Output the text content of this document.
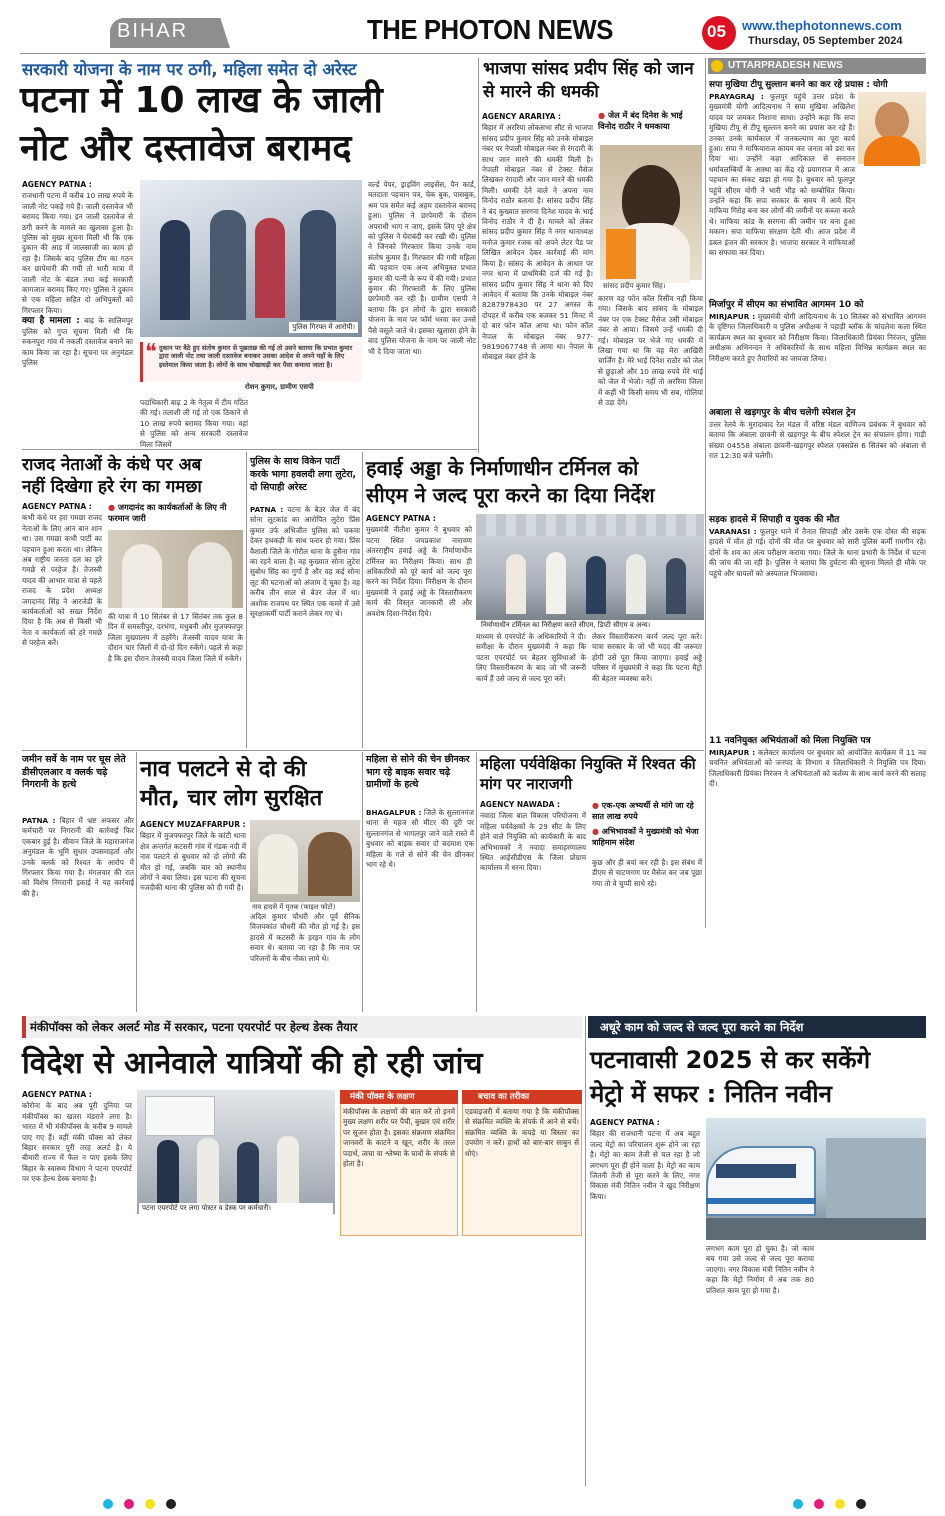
BIHAR	THE PHOTON NEWS	05 www.thephotonnews.com
Thursday, 05 September 2024
सरकारी योजना के नाम पर ठगी, महिला समेत दो अरेस्ट
पटना में 10 लाख के जाली
नोट और दस्तावेज बरामद
AGENCY PATNA :
राजधानी पटना में करीब 10 लाख रुपये के जाली नोट पकड़े गये हैं। जाली दस्तावेज भी बरामद किया गया। इन जाली दस्तावेज से ठगी करने के मामले का खुलासा हुआ है। पुलिस को मुख्य सूचना मिली थी कि एक दुकान की आड़ में जालसाजी का काम हो रहा है। जिसके बाद पुलिस टीम का गठन कर छापेमारी की गयी तो भारी मात्रा में जाली नोट के बंडल तथा कई सरकारी कागजात बरामद किए गए। पुलिस ने दुकान से एक महिला सहित दो अभियुक्तों को गिरफ्तार किया।
क्या है मामला : बाढ़ के सालिमपुर पुलिस को गुप्त सूचना मिली थी कि रुकनपुरा गांव में नकली दस्तावेज बनाने का काम किया जा रहा है। सूचना पर अनुमंडल पुलिस
पुलिस गिरफ्त में आरोपी।
❝ दुकान पर बैठे हुए संतोष कुमार से पूछताछ की गई तो उसने बताया कि प्रभात कुमार द्वारा जाली नोट तथा जाली दस्तावेज बनाकर उसका आदेश से अपने यहाँ के लिए इस्तेमाल किया जाता है। लोगों के साथ धोखाधड़ी कर पैसा कमाया जाता है।
रोशन कुमार, ग्रामीण एसपी
पदाधिकारी बाढ़ 2 के नेतृत्व में टीम गठित की गई। तलाशी ली गई तो एक ठिकाने से 10 लाख रुपये बरामद किया गया। वहां से पुलिस को अन्य सरकारी दस्तावेज मिला जिसमें
वर्ल्ड पेपर, ड्राइविंग लाइसेंस, पैन कार्ड, मतदाता पहचान पत्र, चेक बुक, पासबुक, श्रम पत्र समेत कई अहम दस्तावेज बरामद हुआ। पुलिस ने छापेमारी के दौरान अपराधी भाग न जाए, इसके लिए पूरे क्षेत्र को पुलिस ने घेराबंदी कर रखी थी। पुलिस ने जिनको गिरफ्तार किया उनके नाम संतोष कुमार हैं। गिरफ्तार की गयी महिला की पहचान एक अन्य अभियुक्त प्रभात कुमार की पत्नी के रूप में की गयी। प्रभात कुमार की गिरफ्तारी के लिए पुलिस छापेमारी कर रही है। ग्रामीण एसपी ने बताया कि इन लोगों के द्वारा सरकारी योजना के नाम पर फॉर्म भरवा कर उनसे पैसे वसूले जाते थे। इसका खुलासा होने के बाद पुलिस योजना के नाम पर जाली नोट भी दे दिया जाता था।
भाजपा सांसद प्रदीप सिंह को जान से मारने की धमकी
AGENCY ARARIYA :
बिहार में अररिया लोकसभा सीट से भाजपा सांसद प्रदीप कुमार सिंह को उनके मोबाइल नंबर पर नेपाली मोबाइल नंबर से रंगदारी के साथ जान मारने की धमकी मिली है। नेपाली मोबाइल नंबर से टेक्स्ट मैसेज लिखकर रंगदारी और जान मारने की धमकी मिली। धमकी देने वाले ने अपना नाम विनोद राठौर बताया है। सांसद प्रदीप सिंह ने बंद कुख्यात सरगना दिनेश यादव के भाई विनोद राठौर ने दी है। मामले को लेकर सांसद प्रदीप कुमार सिंह ने नगर थानाध्यक्ष मनोज कुमार रजक को अपने लेटर पैड पर लिखित आवेदन देकर कार्रवाई की मांग किया है। सांसद के आवेदन के आधार पर नगर थाना में प्राथमिकी दर्ज की गई है। सांसद प्रदीप कुमार सिंह ने थाना को दिए आवेदन में बताया कि उनके मोबाइल नंबर 8287978430 पर 27 अगस्त के दोपहर में करीब एक बजकर 51 मिनट में दो बार फोन कॉल आया था। फोन कॉल नेपाल के मोबाइल नंबर 977-9819067748 से आया था। नेपाल के मोबाइल नंबर होने के
● जेल में बंद दिनेश के भाई विनोद राठौर ने धमकाया
सांसद प्रदीप कुमार सिंह।
कारण वह फोन कॉल रिसीव नहीं किया गया। जिसके बाद सांसद के मोबाइल नंबर पर एक टेक्स्ट मैसेज उसी मोबाइल नंबर से आया। जिसमे उन्हें धमकी दी गई। मोबाइल पर भेजे गए धमकी में लिखा गया था कि वह मेरा आखिरी चार्जिंग है। मेरे भाई दिनेश राठौर को जेल से छुड़ाओ और 10 लाख रुपये मेरे भाई को जेल में भेजो। नहीं तो अररिया जिला में कहीं भी किसी समय भी सब, गोलियां से उड़ा देंगे।
UTTARPRADESH NEWS
सपा मुखिया टीपू सुल्तान बनने का कर रहे प्रयास : योगी
PRAYAGRAJ : फूलपुर पहुंचे उत्तर प्रदेश के मुख्यमंत्री योगी आदित्यनाथ ने सपा मुखिया अखिलेश यादव पर जमकर निशाना साधा। उन्होंने कहा कि सपा मुखिया टीपू से टीपू सुल्तान बनने का प्रयास कर रहे हैं। उनका उनके कार्यकाल में जनकल्याण का पूरा कार्य हुआ। सपा ने माफियाराज कायम कर जनता को डरा कर दिया था। उन्होंने कहा आदिकाल से सनातन धर्मावलम्बियों के आस्था का केंद्र रहे प्रयागराज में आज पहचान का संकट खड़ा हो गया है। बुधवार को फूलपुर पहुंचे सीएम योगी ने भारी भीड़ को सम्बोधित किया। उन्होंने कहा कि सपा सरकार के समय में आये दिन माफिया गिरोह बना कर लोगों की जमीनों पर कब्जा करते थे। माफिया कांड के सरगना की जमीन पर बना हुआ मकान। सपा माफिया संरक्षण देती थी। आज प्रदेश में डबल इंजन की सरकार है। भाजपा सरकार ने माफियाओं का सफाया कर दिया।
मिर्जापुर में सीएम का संभावित आगमन 10 को
MIRJAPUR : मुख्यमंत्री योगी आदित्यनाथ के 10 सितंबर को संभावित आगमन के दृष्टिगत जिलाधिकारी व पुलिस अधीक्षक ने पहाड़ी ब्लॉक के चांदलेवा कला स्थित कार्यक्रम स्थल का बुधवार को निरीक्षण किया। जिलाधिकारी प्रियंका निरंजन, पुलिस अधीक्षक अभिनन्दन ने अधिकारियों के साथ महिला विभिन्न कार्यक्रम स्थल का निरीक्षण करते हुए तैयारियों का जायजा लिया।
अबाला से खड़गपुर के बीच चलेगी स्पेशल ट्रेन
उत्तर रेलवे के मुरादाबाद रेल मंडल में वरिष्ठ मंडल वाणिज्य प्रबंधक ने बुधवार को बताया कि अंबाला छावनी से खड़गपुर के बीच स्पेशल ट्रेन का संचालन होगा। गाड़ी संख्या 04558 अंबाला छावनी-खड़गपुर स्पेशल एक्सप्रेस 6 सितंबर को अंबाला से रात 12:30 बजे चलेगी।
सड़क हादसे में सिपाही व युवक की मौत
VARANASI : फूलपुर थाने में तैनात सिपाही और उसके एक दोस्त की सड़क हादसे में मौत हो गई। दोनों की मौत पर बुधवार को सारी पुलिस कर्मी ग़मगीन रहे। दोनों के शव का अंत्य परीक्षण कराया गया। जिले के थाना प्रभारी के निर्देश में घटना की जांच की जा रही है। पुलिस ने बताया कि दुर्घटना की सूचना मिलते ही मौके पर पहुंचे और घायलों को अस्पताल भिजवाया।
11 नवनियुक्त अभियंताओं को मिला नियुक्ति पत्र
MIRJAPUR : कलेक्टर कार्यालय पर बुधवार को आयोजित कार्यक्रम में 11 नव चयनित अभियंताओं को जनपद के विभाग व जिलाधिकारी ने नियुक्ति पत्र दिया। जिलाधिकारी प्रियंका निरंजन ने अभियंताओं को कर्तव्य के साथ कार्य करने की सलाह दी।
राजद नेताओं के कंधे पर अब
नहीं दिखेगा हरे रंग का गमछा
AGENCY PATNA :
कभी कंधे पर हरा गमछा राजद नेताओं के लिए आन बान शान था। उस गमछा कभी पार्टी का पहचान हुआ करता था। लेकिन अब राष्ट्रीय जनता दल का हरे गमछे से परहेज है। तेजस्वी यादव की आभार यात्रा से पहले राजद के प्रदेश अध्यक्ष जगदानंद सिंह ने आरजेडी के कार्यकर्ताओं को सख्त निर्देश दिया है कि अब से किसी भी नेता व कार्यकर्ता को हरे गमछे से परहेज करें।
● जगदानंद का कार्यकर्ताओं के लिए नी फरमान जारी
की यात्रा में 10 सितंबर से 17 सितंबर तक कुल 8 दिन में समस्तीपुर, दरभंगा, मधुबनी और मुजफ्फरपुर जिला मुख्यालय में ठहरेंगे। तेजस्वी यादव यात्रा के दौरान चार जिलों में दो-दो दिन रुकेंगे। पहले से कहा है कि इस दौरान तेजस्वी यादव जिला जिले में रुकेंगे।
पुलिस के साथ विकेन पार्टी करके भागा हवलदी लगा लुटेरा, दो सिपाही अरेस्ट
PATNA : पटना के बेउर जेल में बंद सोना लूटकांड का आरोपित लुटेरा प्रिंस कुमार उर्फ अभिजीत पुलिस को चकमा देकर हथकड़ी के साथ फरार हो गया। प्रिंस वैशाली जिले के गोरौल थाना के हुसैना गांव का रहने वाला है। वह कुख्यात सोना लुटेरा सुबोध सिंह का गुर्गा है और वह कई सोना लूट की घटनाओं को अंजाम दे चुका है। वह करीब तीन साल से बेउर जेल में था। अशोक राजपथ पर स्थित एक कमरे में उसे सुरक्षाकर्मी पार्टी कराने लेकर गए थे।
हवाई अड्डा के निर्माणाधीन टर्मिनल को
सीएम ने जल्द पूरा करने का दिया निर्देश
AGENCY PATNA :
मुख्यमंत्री नीतीश कुमार ने बुधवार को पटना स्थित जयप्रकाश नारायण अंतरराष्ट्रीय हवाई अड्डे के निर्माणाधीन टर्मिनल का निरीक्षण किया। साथ ही अधिकारियों को पूरे कार्य को जल्द पूरा करने का निर्देश दिया। निरीक्षण के दौरान मुख्यमंत्री ने हवाई अड्डे के विस्तारीकरण कार्य की विस्तृत जानकारी ली और अवशेष दिशा-निर्देश दिये।
निर्माणाधीन टर्मिनल का निरीक्षण करते सीएम, डिप्टी सीएम व अन्य।
माध्यम से एयरपोर्ट के अधिकारियों ने दी। समीक्षा के दौरान मुख्यमंत्री ने कहा कि पटना एयरपोर्ट पर बेहतर सुविधाओं के लिए विस्तारीकरण के बाद जो भी जरूरी कार्य हैं उसे जल्द से जल्द पूरा करें।
लेकर विस्तारीकरण कार्य जल्द पूरा करें। यात्रा सरकार के जो भी मदद की जरूरत होगी उसे पूरा किया जाएगा। हवाई अड्डे परिसर में मुख्यमंत्री ने कहा कि पटना मैट्रो की बेहतर व्यवस्था करें।
जमीन सर्वे के नाम पर घूस लेते डीसीएलआर व क्लर्क चढ़े निगरानी के हत्थे
PATNA : बिहार में भ्रष्ट अफसर और कर्मचारी पर निगरानी की कार्रवाई फिर एकबार हुई है। सीवान जिले के महाराजगंज अनुमंडल के भूमि सुधार उपसमाहर्ता और उनके क्लर्क को रिश्वत के आरोप में गिरफ्तार किया गया है। मंगलवार की रात को विशेष निगरानी इकाई ने यह कार्रवाई की है।
नाव पलटने से दो की
मौत, चार लोग सुरक्षित
AGENCY MUZAFFARPUR :
बिहार में मुजफ्फरपुर जिले के कांटी थाना क्षेत्र अन्तर्गत कटसरी गांव में गंडक नदी में नाव पलटने से बुधवार को दो लोगों की मौत हो गई, जबकि चार को स्थानीय लोगों ने बचा लिया। इस घटना की सूचना नजदीकी थाना की पुलिस को दी गयी है।
नाव हादसे में मृतक (फाइल फोटो)
अदिल कुमार चौधरी और पूर्व सैनिक विजयकांत चौधरी की मौत हो गई है। इस हादसे में कटसरी के हरइन गांव के लोग सवार थे। बताया जा रहा है कि नाव पर परिजनों के बीच नौका लाये थे।
महिला से सोने की चेन छीनकर भाग रहे बाइक सवार चढ़े ग्रामीणों के हत्थे
BHAGALPUR : जिले के सुल्तानगंज थाना से महज सौ मीटर की दूरी पर सुल्तानगंज से भागलपुर जाने वाले रास्ते में बुधवार को बाइक सवार दो बदमाश एक महिला के गले से सोने की चेन छीनकर भाग रहे थे।
महिला पर्यवेक्षिका नियुक्ति में रिश्वत की मांग पर नाराजगी
AGENCY NAWADA :
नवादा जिला बाल विकास परियोजना में महिला पर्यवेक्षकों के 29 सीट के लिए होने वाले नियुक्ति को कार्यकारी के बाद अभिभावकों ने नवादा समाहरणालय स्थित आईसीडीएस के जिला प्रोग्राम कार्यालय में धरना दिया।
● एक-एक अभ्यर्थी से मांगे जा रहे सात लाख रुपये
● अभिभावकों ने मुख्यमंत्री को भेजा त्राहिमाम संदेश
कुछ और ही बयां कर रही है। इस संबंध में डीएम से चाटणगण पर मैसेज कर जब पूछा गया तो वे चुप्पी साधे रहे।
मंकीपॉक्स को लेकर अलर्ट मोड में सरकार, पटना एयरपोर्ट पर हेल्थ डेस्क तैयार
विदेश से आनेवाले यात्रियों की हो रही जांच
AGENCY PATNA :
कोरोना के बाद अब पूरी दुनिया पर मंकीपॉक्स का खतरा मंडराने लगा है। भारत में भी मंकीपॉक्स के करीब 9 मामले पाए गए हैं। वहीं मंकी पॉक्स को लेकर बिहार सरकार पूरी तरह अलर्ट है। ये बीमारी राज्य में फैल न पाए इसके लिए बिहार के स्वास्थ्य विभाग ने पटना एयरपोर्ट पर एक हेल्थ डेस्क बनाया है।
पटना एयरपोर्ट पर लगा पोस्टर व डेस्क पर कर्मचारी।
मंकी पॉक्स के लक्षण
मंकीपॉक्स के लक्षणों की बात करें तो इनमें मुख्य लक्षण शरीर पर पैची, बुखार एवं शरीर पर सूजन होता है। इसका संक्रमण संक्रमित जानवरों के काटने व खून, शरीर के तरल पदार्थ, त्वचा या श्लेष्मा के घावों के संपर्क से होता है।
बचाव का तरीका
एडवाइजरी में बताया गया है कि मंकीपॉक्स से संक्रमित व्यक्ति के संपर्क में आने से बचें। संक्रमित व्यक्ति के कपड़े या बिस्तर का उपयोग न करें। हाथों को बार-बार साबुन से धोएं।
अधूरे काम को जल्द से जल्द पूरा करने का निर्देश
पटनावासी 2025 से कर सकेंगे
मेट्रो में सफर : नितिन नवीन
AGENCY PATNA :
बिहार की राजधानी पटना में अब बहुत जल्द मेट्रो का परिचालन शुरू होने जा रहा है। मेट्रो का काम तेजी से चल रहा है जो लगभग पूरा ही होने वाला है। मेट्रो का काम जितनी तेजी से पूरा करने के लिए, नगर विकास मंत्री नितिन नवीन ने खुद निरीक्षण किया।
लगभग काम पूरा हो चुका है। जो काम बच गया उसे जल्द से जल्द पूरा कराया जाएगा। नगर विकास मंत्री नितिन नवीन ने कहा कि मेट्रो निर्माण में अब तक 80 प्रतिशत काम पूरा हो गया है।
